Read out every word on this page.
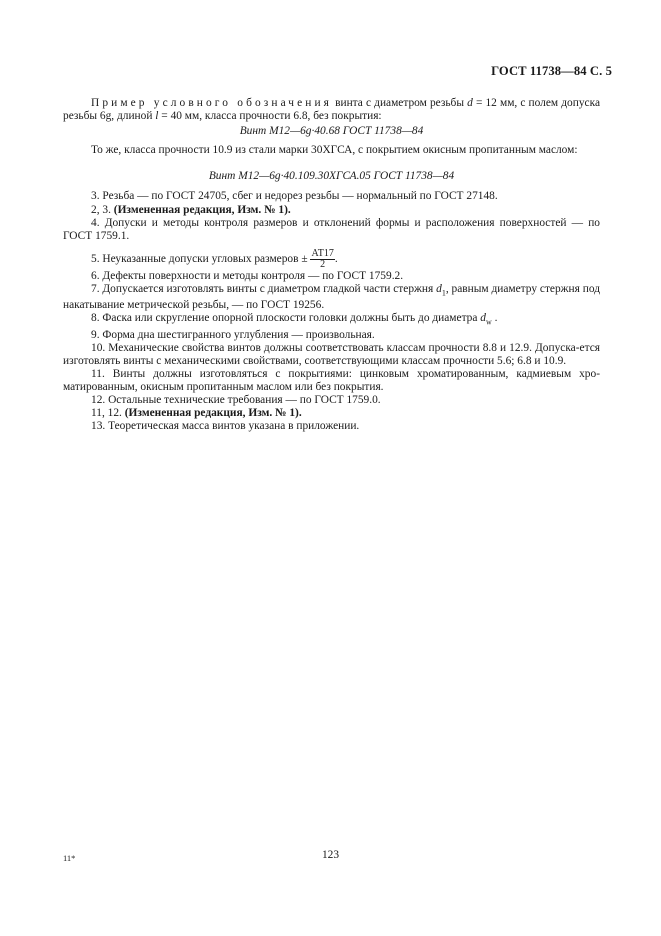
ГОСТ 11738—84 С. 5

Пример условного обозначения винта с диаметром резьбы d = 12 мм, с полем допуска резьбы 6g, длиной l = 40 мм, класса прочности 6.8, без покрытия:

Винт М12—6g·40.68 ГОСТ 11738—84

То же, класса прочности 10.9 из стали марки 30ХГСА, с покрытием окисным пропитанным маслом:

Винт М12—6g·40.109.30ХГСА.05 ГОСТ 11738—84

3. Резьба — по ГОСТ 24705, сбег и недорез резьбы — нормальный по ГОСТ 27148.

2, 3. (Измененная редакция, Изм. № 1).

4. Допуски и методы контроля размеров и отклонений формы и расположения поверхностей — по ГОСТ 1759.1.

5. Неуказанные допуски угловых размеров ± $\frac{АТ17}{2}$ .

6. Дефекты поверхности и методы контроля — по ГОСТ 1759.2.

7. Допускается изготовлять винты с диаметром гладкой части стержня $d_1$, равным диаметру стержня под накатывание метрической резьбы, — по ГОСТ 19256.

8. Фаска или скругление опорной плоскости головки должны быть до диаметра $d_w$ .

9. Форма дна шестигранного углубления — произвольная.

10. Механические свойства винтов должны соответствовать классам прочности 8.8 и 12.9. Допуска-ется изготовлять винты с механическими свойствами, соответствующими классам прочности 5.6; 6.8 и 10.9.

11. Винты должны изготовляться с покрытиями: цинковым хроматированным, кадмиевым хро-матированным, окисным пропитанным маслом или без покрытия.

12. Остальные технические требования — по ГОСТ 1759.0.

11, 12. (Измененная редакция, Изм. № 1).

13. Теоретическая масса винтов указана в приложении.

11*	123
